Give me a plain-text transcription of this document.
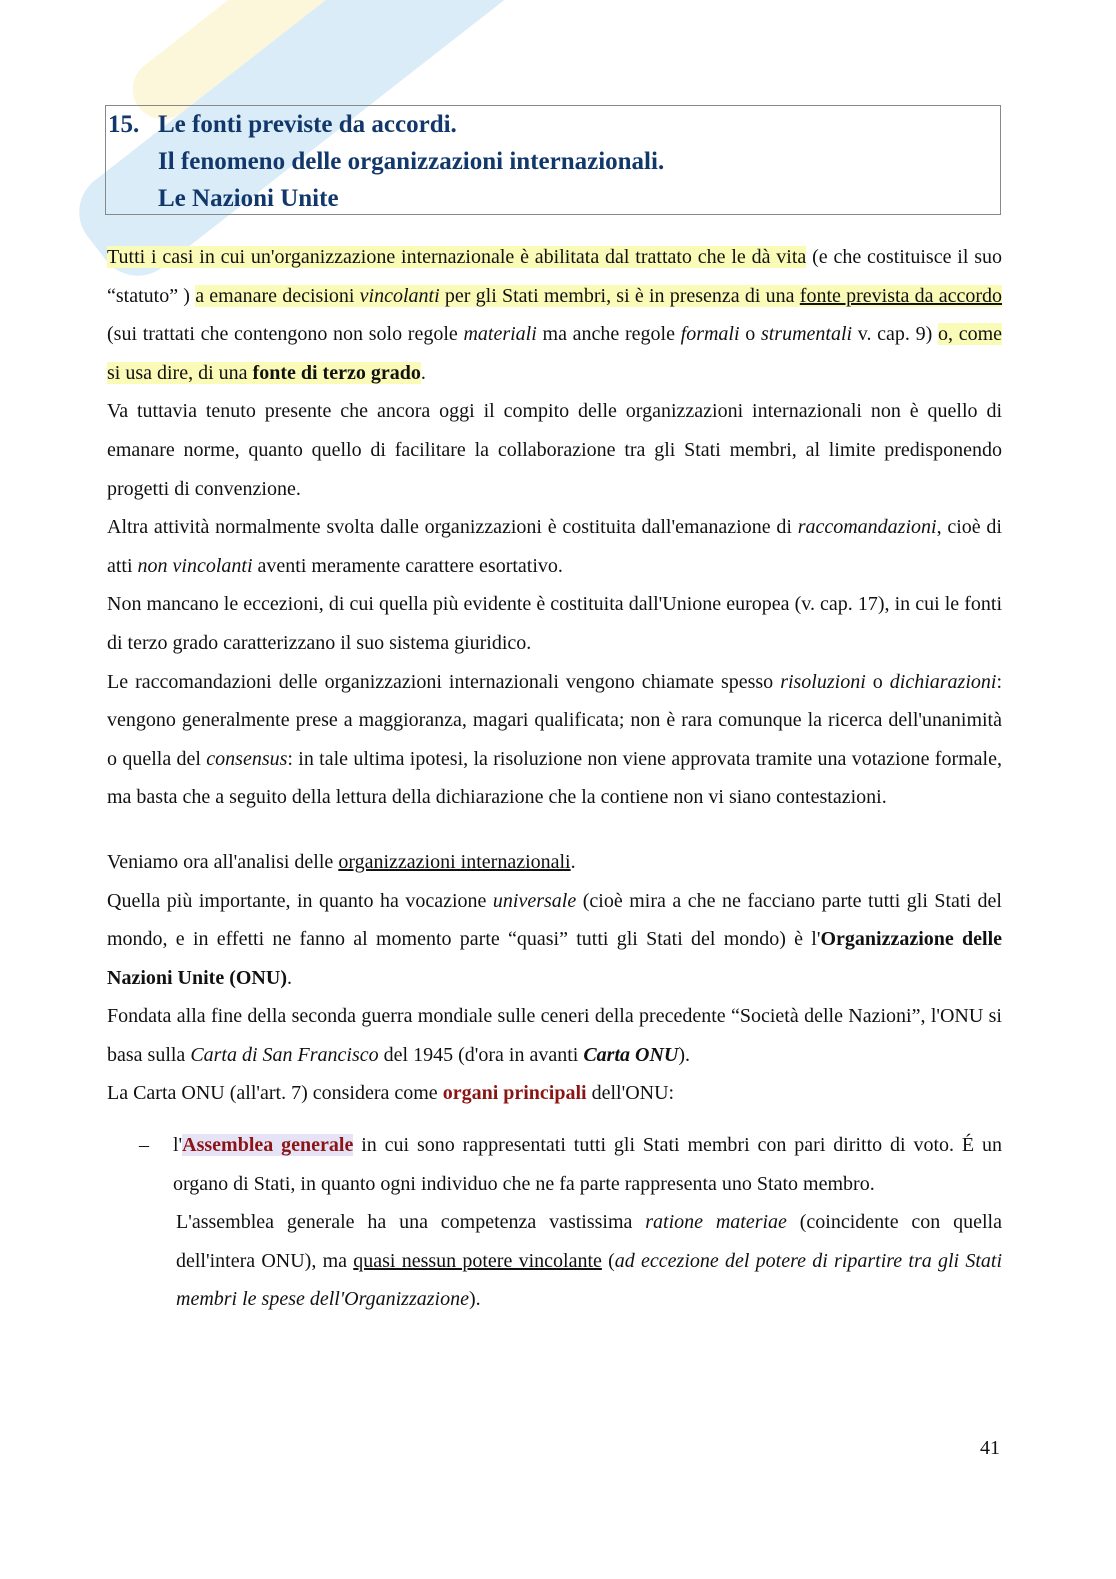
15. Le fonti previste da accordi.
Il fenomeno delle organizzazioni internazionali.
Le Nazioni Unite

Tutti i casi in cui un'organizzazione internazionale è abilitata dal trattato che le dà vita (e che costituisce il suo “statuto” ) a emanare decisioni vincolanti per gli Stati membri, si è in presenza di una fonte prevista da accordo (sui trattati che contengono non solo regole materiali ma anche regole formali o strumentali v. cap. 9) o, come si usa dire, di una fonte di terzo grado.

Va tuttavia tenuto presente che ancora oggi il compito delle organizzazioni internazionali non è quello di emanare norme, quanto quello di facilitare la collaborazione tra gli Stati membri, al limite predisponendo progetti di convenzione.

Altra attività normalmente svolta dalle organizzazioni è costituita dall'emanazione di raccomandazioni, cioè di atti non vincolanti aventi meramente carattere esortativo.

Non mancano le eccezioni, di cui quella più evidente è costituita dall'Unione europea (v. cap. 17), in cui le fonti di terzo grado caratterizzano il suo sistema giuridico.

Le raccomandazioni delle organizzazioni internazionali vengono chiamate spesso risoluzioni o dichiarazioni: vengono generalmente prese a maggioranza, magari qualificata; non è rara comunque la ricerca dell'unanimità o quella del consensus: in tale ultima ipotesi, la risoluzione non viene approvata tramite una votazione formale, ma basta che a seguito della lettura della dichiarazione che la contiene non vi siano contestazioni.

Veniamo ora all'analisi delle organizzazioni internazionali.

Quella più importante, in quanto ha vocazione universale (cioè mira a che ne facciano parte tutti gli Stati del mondo, e in effetti ne fanno al momento parte “quasi” tutti gli Stati del mondo) è l'Organizzazione delle Nazioni Unite (ONU).

Fondata alla fine della seconda guerra mondiale sulle ceneri della precedente “Società delle Nazioni”, l'ONU si basa sulla Carta di San Francisco del 1945 (d'ora in avanti Carta ONU).

La Carta ONU (all'art. 7) considera come organi principali dell'ONU:

– l'Assemblea generale in cui sono rappresentati tutti gli Stati membri con pari diritto di voto. É un organo di Stati, in quanto ogni individuo che ne fa parte rappresenta uno Stato membro.

L'assemblea generale ha una competenza vastissima ratione materiae (coincidente con quella dell'intera ONU), ma quasi nessun potere vincolante (ad eccezione del potere di ripartire tra gli Stati membri le spese dell'Organizzazione).

41
